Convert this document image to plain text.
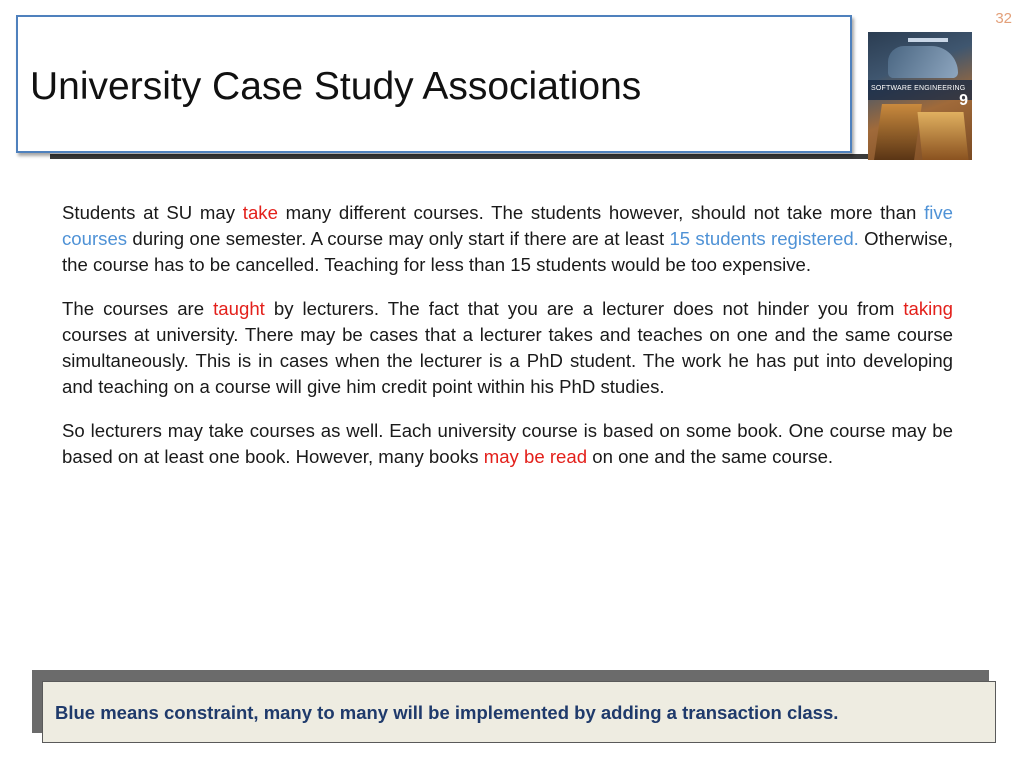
32
University Case Study Associations	SOFTWARE ENGINEERING
9

Students at SU may take many different courses. The students however, should not take more than five courses during one semester. A course may only start if there are at least 15 students registered. Otherwise, the course has to be cancelled. Teaching for less than 15 students would be too expensive.

The courses are taught by lecturers. The fact that you are a lecturer does not hinder you from taking courses at university. There may be cases that a lecturer takes and teaches on one and the same course simultaneously. This is in cases when the lecturer is a PhD student. The work he has put into developing and teaching on a course will give him credit point within his PhD studies.

So lecturers may take courses as well. Each university course is based on some book. One course may be based on at least one book. However, many books may be read on one and the same course.

Blue means constraint, many to many will be implemented by adding a transaction class.
